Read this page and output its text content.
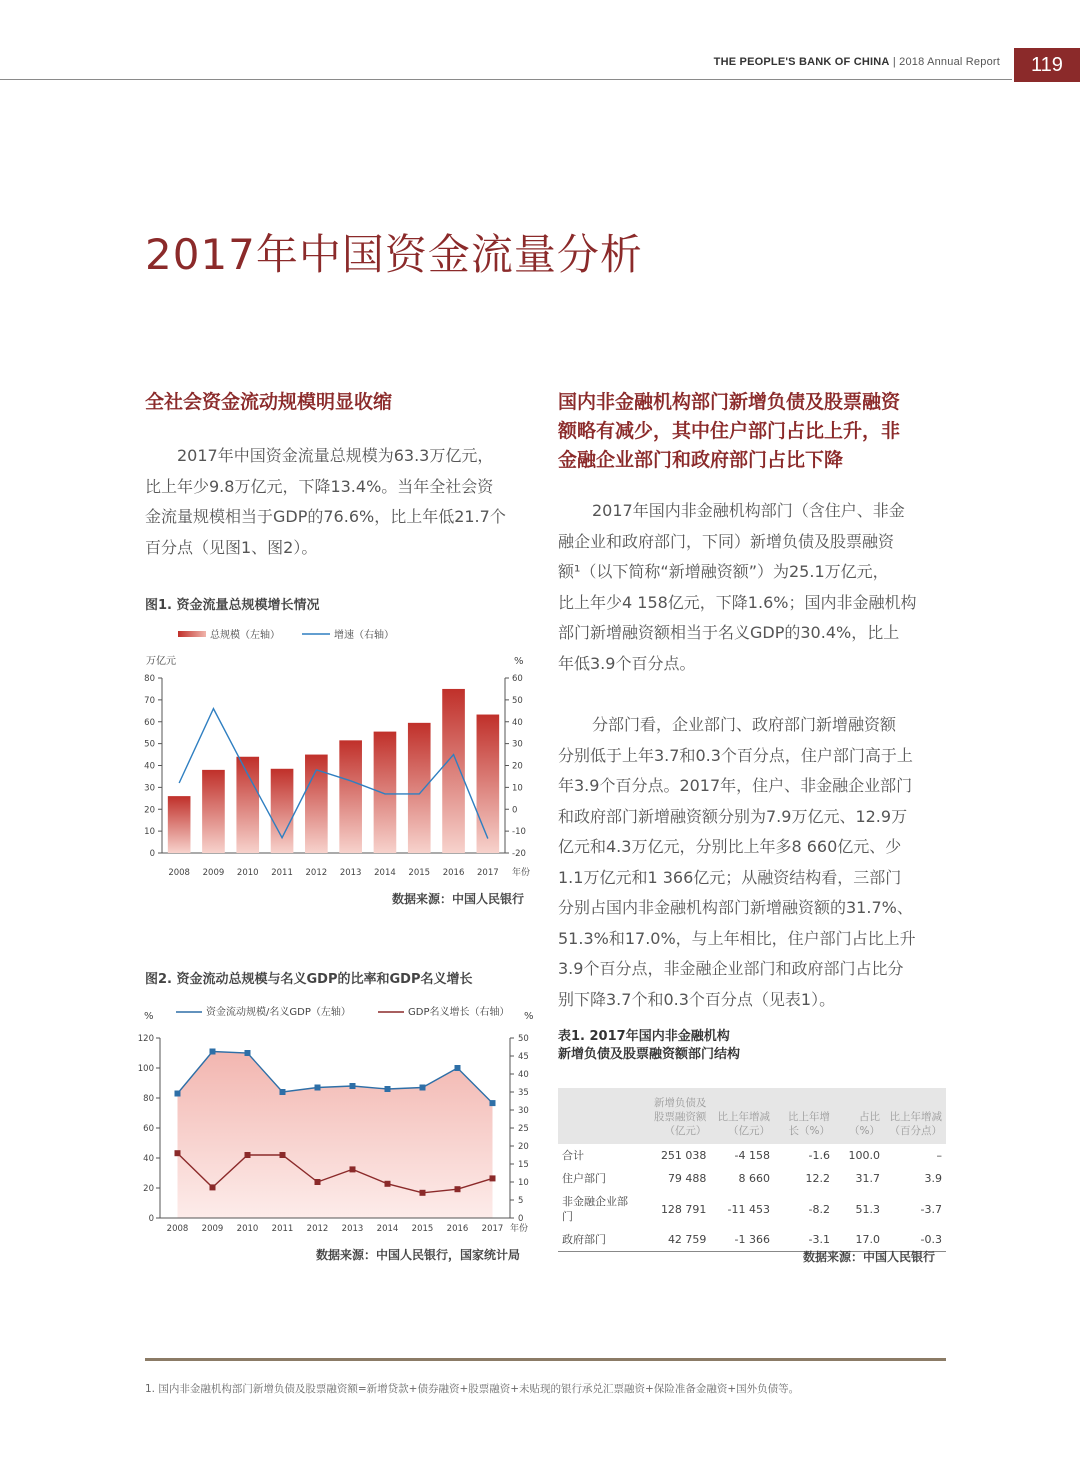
THE PEOPLE'S BANK OF CHINA | 2018 Annual Report	119
2017年中国资金流量分析
全社会资金流动规模明显收缩
2017年中国资金流量总规模为63.3万亿元，
比上年少9.8万亿元，下降13.4%。当年全社会资
金流量规模相当于GDP的76.6%，比上年低21.7个
百分点（见图1、图2）。
图1. 资金流量总规模增长情况
总规模（左轴）	增速（右轴）
万亿元	%
80
70
60
50
40
30
20
10
0
60
50
40
30
20
10
0
-10
-20
2008 2009 2010 2011 2012 2013 2014 2015 2016 2017 年份
数据来源：中国人民银行
图2. 资金流动总规模与名义GDP的比率和GDP名义增长
资金流动规模/名义GDP（左轴）	GDP名义增长（右轴）
%	%
120
100
80
60
40
20
0
50
45
40
35
30
25
20
15
10
5
0
2008 2009 2010 2011 2012 2013 2014 2015 2016 2017 年份
数据来源：中国人民银行，国家统计局
国内非金融机构部门新增负债及股票融资
额略有减少，其中住户部门占比上升，非
金融企业部门和政府部门占比下降
2017年国内非金融机构部门（含住户、非金
融企业和政府部门，下同）新增负债及股票融资
额¹（以下简称“新增融资额”）为25.1万亿元，
比上年少4 158亿元，下降1.6%；国内非金融机构
部门新增融资额相当于名义GDP的30.4%，比上
年低3.9个百分点。
分部门看，企业部门、政府部门新增融资额
分别低于上年3.7和0.3个百分点，住户部门高于上
年3.9个百分点。2017年，住户、非金融企业部门
和政府部门新增融资额分别为7.9万亿元、12.9万
亿元和4.3万亿元，分别比上年多8 660亿元、少
1.1万亿元和1 366亿元；从融资结构看，三部门
分别占国内非金融机构部门新增融资额的31.7%、
51.3%和17.0%，与上年相比，住户部门占比上升
3.9个百分点，非金融企业部门和政府部门占比分
别下降3.7个和0.3个百分点（见表1）。
表1. 2017年国内非金融机构
新增负债及股票融资额部门结构
	新增负债及股票融资额（亿元）	比上年增减（亿元）	比上年增长（%）	占比（%）	比上年增减（百分点）
合计	251 038	-4 158	-1.6	100.0	–
住户部门	79 488	8 660	12.2	31.7	3.9
非金融企业部门	128 791	-11 453	-8.2	51.3	-3.7
政府部门	42 759	-1 366	-3.1	17.0	-0.3
数据来源：中国人民银行
1. 国内非金融机构部门新增负债及股票融资额=新增贷款+债券融资+股票融资+未贴现的银行承兑汇票融资+保险准备金融资+国外负债等。
